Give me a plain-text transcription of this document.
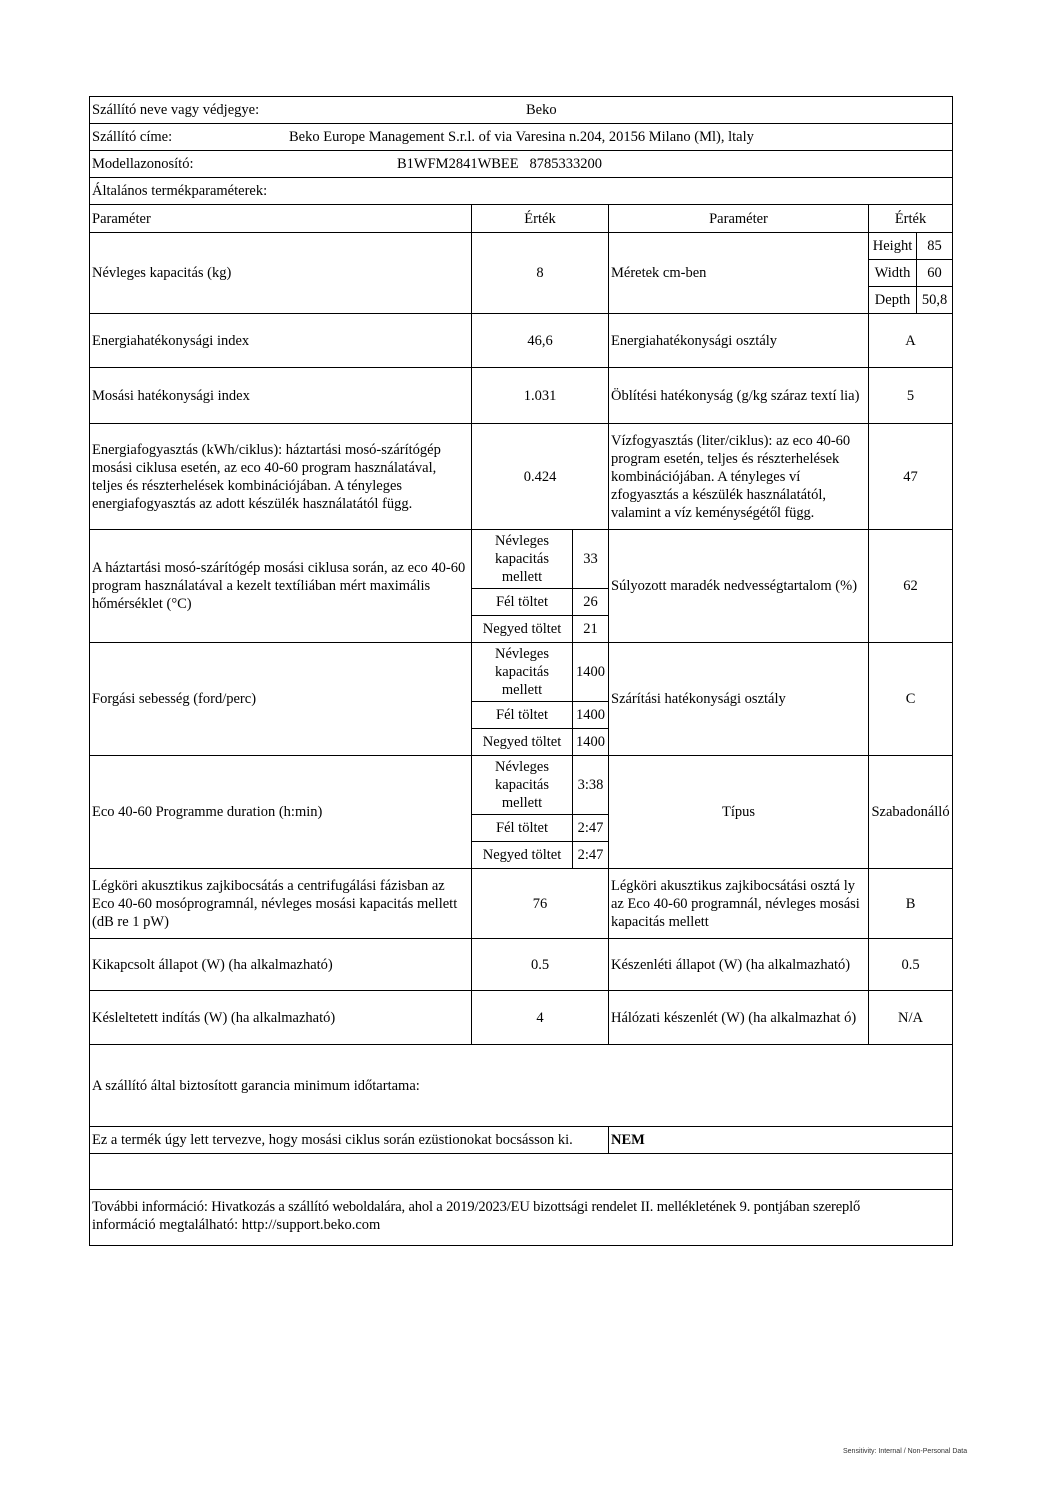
Szállító neve vagy védjegye: Beko					

Szállító címe: Beko Europe Management S.r.l. of via Varesina n.204, 20156 Milano (Ml), ltaly					

Modellazonosító: B1WFM2841WBEE 8785333200					

Általános termékparaméterek:					
Paraméter	Érték		Paraméter	Érték	
Névleges kapacitás (kg)	8		Méretek cm-ben	Height	85
				Width	60
				Depth	50,8
Energiahatékonysági index	46,6		Energiahatékonysági osztály	A	
Mosási hatékonysági index	1.031		Öblítési hatékonyság (g/kg száraz textí lia)	5	
Energiafogyasztás (kWh/ciklus): háztartási mosó-szárítógép mosási ciklusa esetén, az eco 40-60 program használatával, teljes és részterhelések kombinációjában. A tényleges energiafogyasztás az adott készülék használatától függ.	0.424		Vízfogyasztás (liter/ciklus): az eco 40-60 program esetén, teljes és részterhelések kombinációjában. A tényleges ví zfogyasztás a készülék használatától, valamint a víz keménységétől függ.	47	
A háztartási mosó-szárítógép mosási ciklusa során, az eco 40-60 program használatával a kezelt textíliában mért maximális hőmérséklet (°C)	Névleges kapacitás mellett	33	Súlyozott maradék nedvességtartalom (%)	62	
	Fél töltet	26			
	Negyed töltet	21			
Forgási sebesség (ford/perc)	Névleges kapacitás mellett	1400	Szárítási hatékonysági osztály	C	
	Fél töltet	1400			
	Negyed töltet	1400			
Eco 40-60 Programme duration (h:min)	Névleges kapacitás mellett	3:38	Típus	Szabadonálló	
	Fél töltet	2:47			
	Negyed töltet	2:47			
Légköri akusztikus zajkibocsátás a centrifugálási fázisban az Eco 40-60 mosóprogramnál, névleges mosási kapacitás mellett (dB re 1 pW)	76		Légköri akusztikus zajkibocsátási osztá ly az Eco 40-60 programnál, névleges mosási kapacitás mellett	B	
Kikapcsolt állapot (W) (ha alkalmazható)	0.5		Készenléti állapot (W) (ha alkalmazható)	0.5	
Késleltetett indítás (W) (ha alkalmazható)	4		Hálózati készenlét (W) (ha alkalmazhat ó)	N/A	
A szállító által biztosított garancia minimum időtartama:					
Ez a termék úgy lett tervezve, hogy mosási ciklus során ezüstionokat bocsásson ki.			NEM		

További információ: Hivatkozás a szállító weboldalára, ahol a 2019/2023/EU bizottsági rendelet II. mellékletének 9. pontjában szereplő
információ megtalálható: http://support.beko.com					
Sensitivity: Internal / Non-Personal Data
